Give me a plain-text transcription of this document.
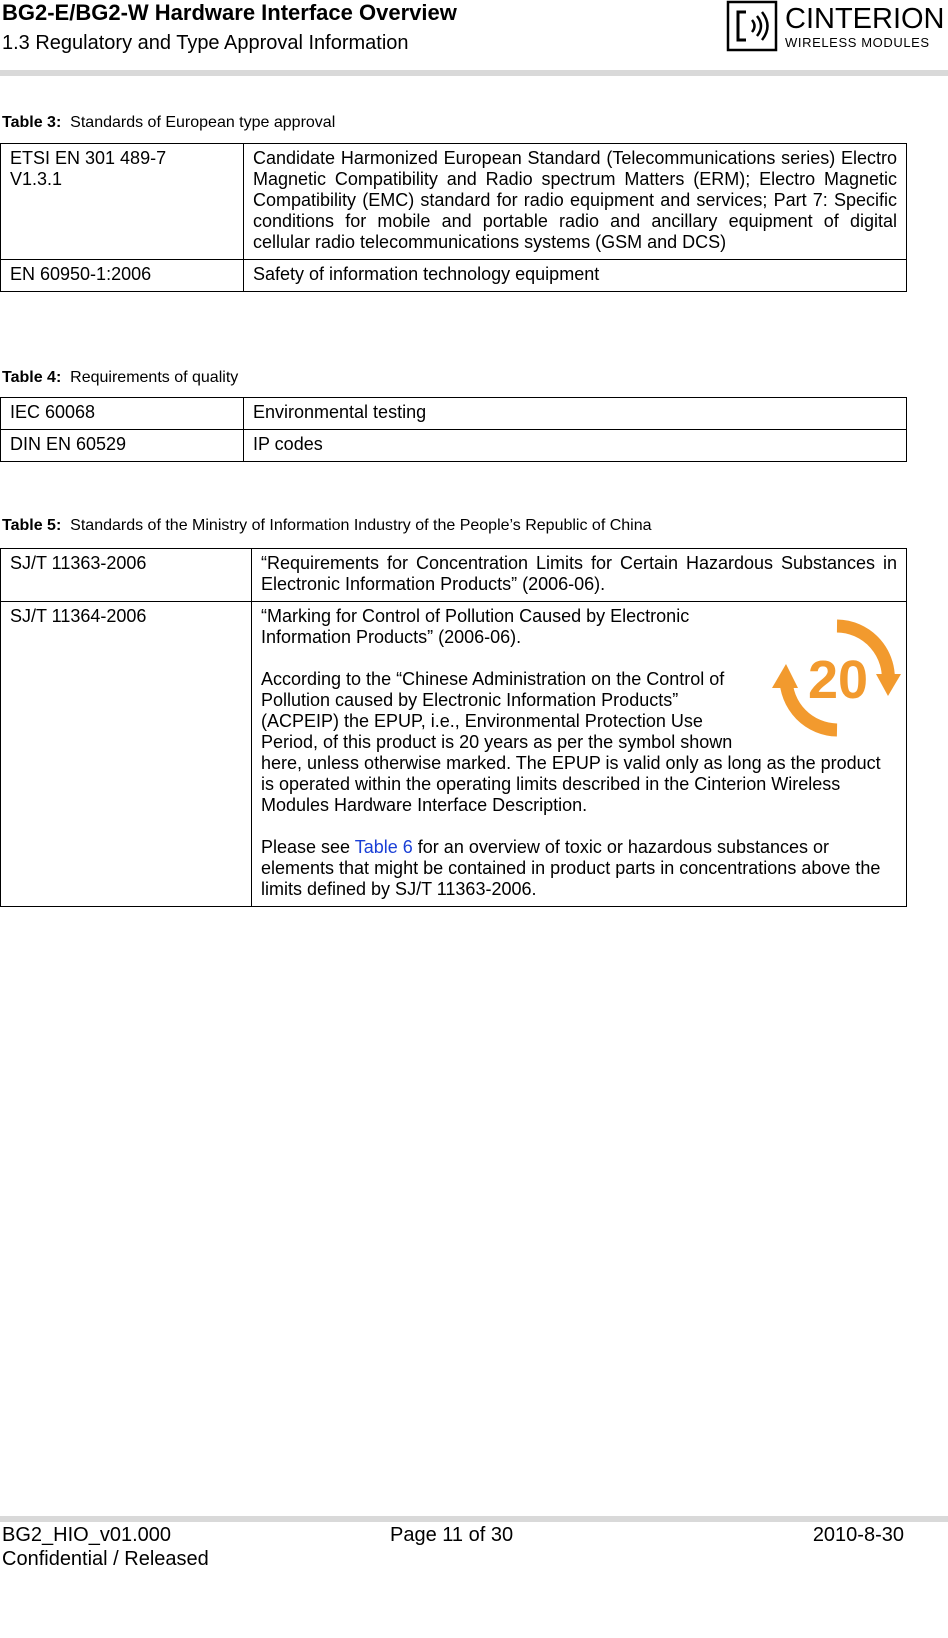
BG2-E/BG2-W Hardware Interface Overview
1.3 Regulatory and Type Approval Information
CINTERION
WIRELESS MODULES
Table 3: Standards of European type approval
ETSI EN 301 489-7
V1.3.1	Candidate Harmonized European Standard (Telecommunications series) Electro Magnetic Compatibility and Radio spectrum Matters (ERM); Electro Magnetic Compatibility (EMC) standard for radio equipment and services; Part 7: Specific conditions for mobile and portable radio and ancillary equipment of digital cellular radio telecommunications systems (GSM and DCS)
EN 60950-1:2006	Safety of information technology equipment
Table 4: Requirements of quality
IEC 60068	Environmental testing
DIN EN 60529	IP codes
Table 5: Standards of the Ministry of Information Industry of the People’s Republic of China
SJ/T 11363-2006	“Requirements for Concentration Limits for Certain Hazardous Substances in Electronic Information Products” (2006-06).
SJ/T 11364-2006	20

“Marking for Control of Pollution Caused by Electronic Information Products” (2006-06).

According to the “Chinese Administration on the Control of Pollution caused by Electronic Information Products” (ACPEIP) the EPUP, i.e., Environmental Protection Use Period, of this product is 20 years as per the symbol shown here, unless otherwise marked. The EPUP is valid only as long as the product is operated within the operating limits described in the Cinterion Wireless Modules Hardware Interface Description.

Please see Table 6 for an overview of toxic or hazardous substances or elements that might be contained in product parts in concentrations above the limits defined by SJ/T 11363-2006.

BG2_HIO_v01.000	Page 11 of 30	2010-8-30
Confidential / Released
